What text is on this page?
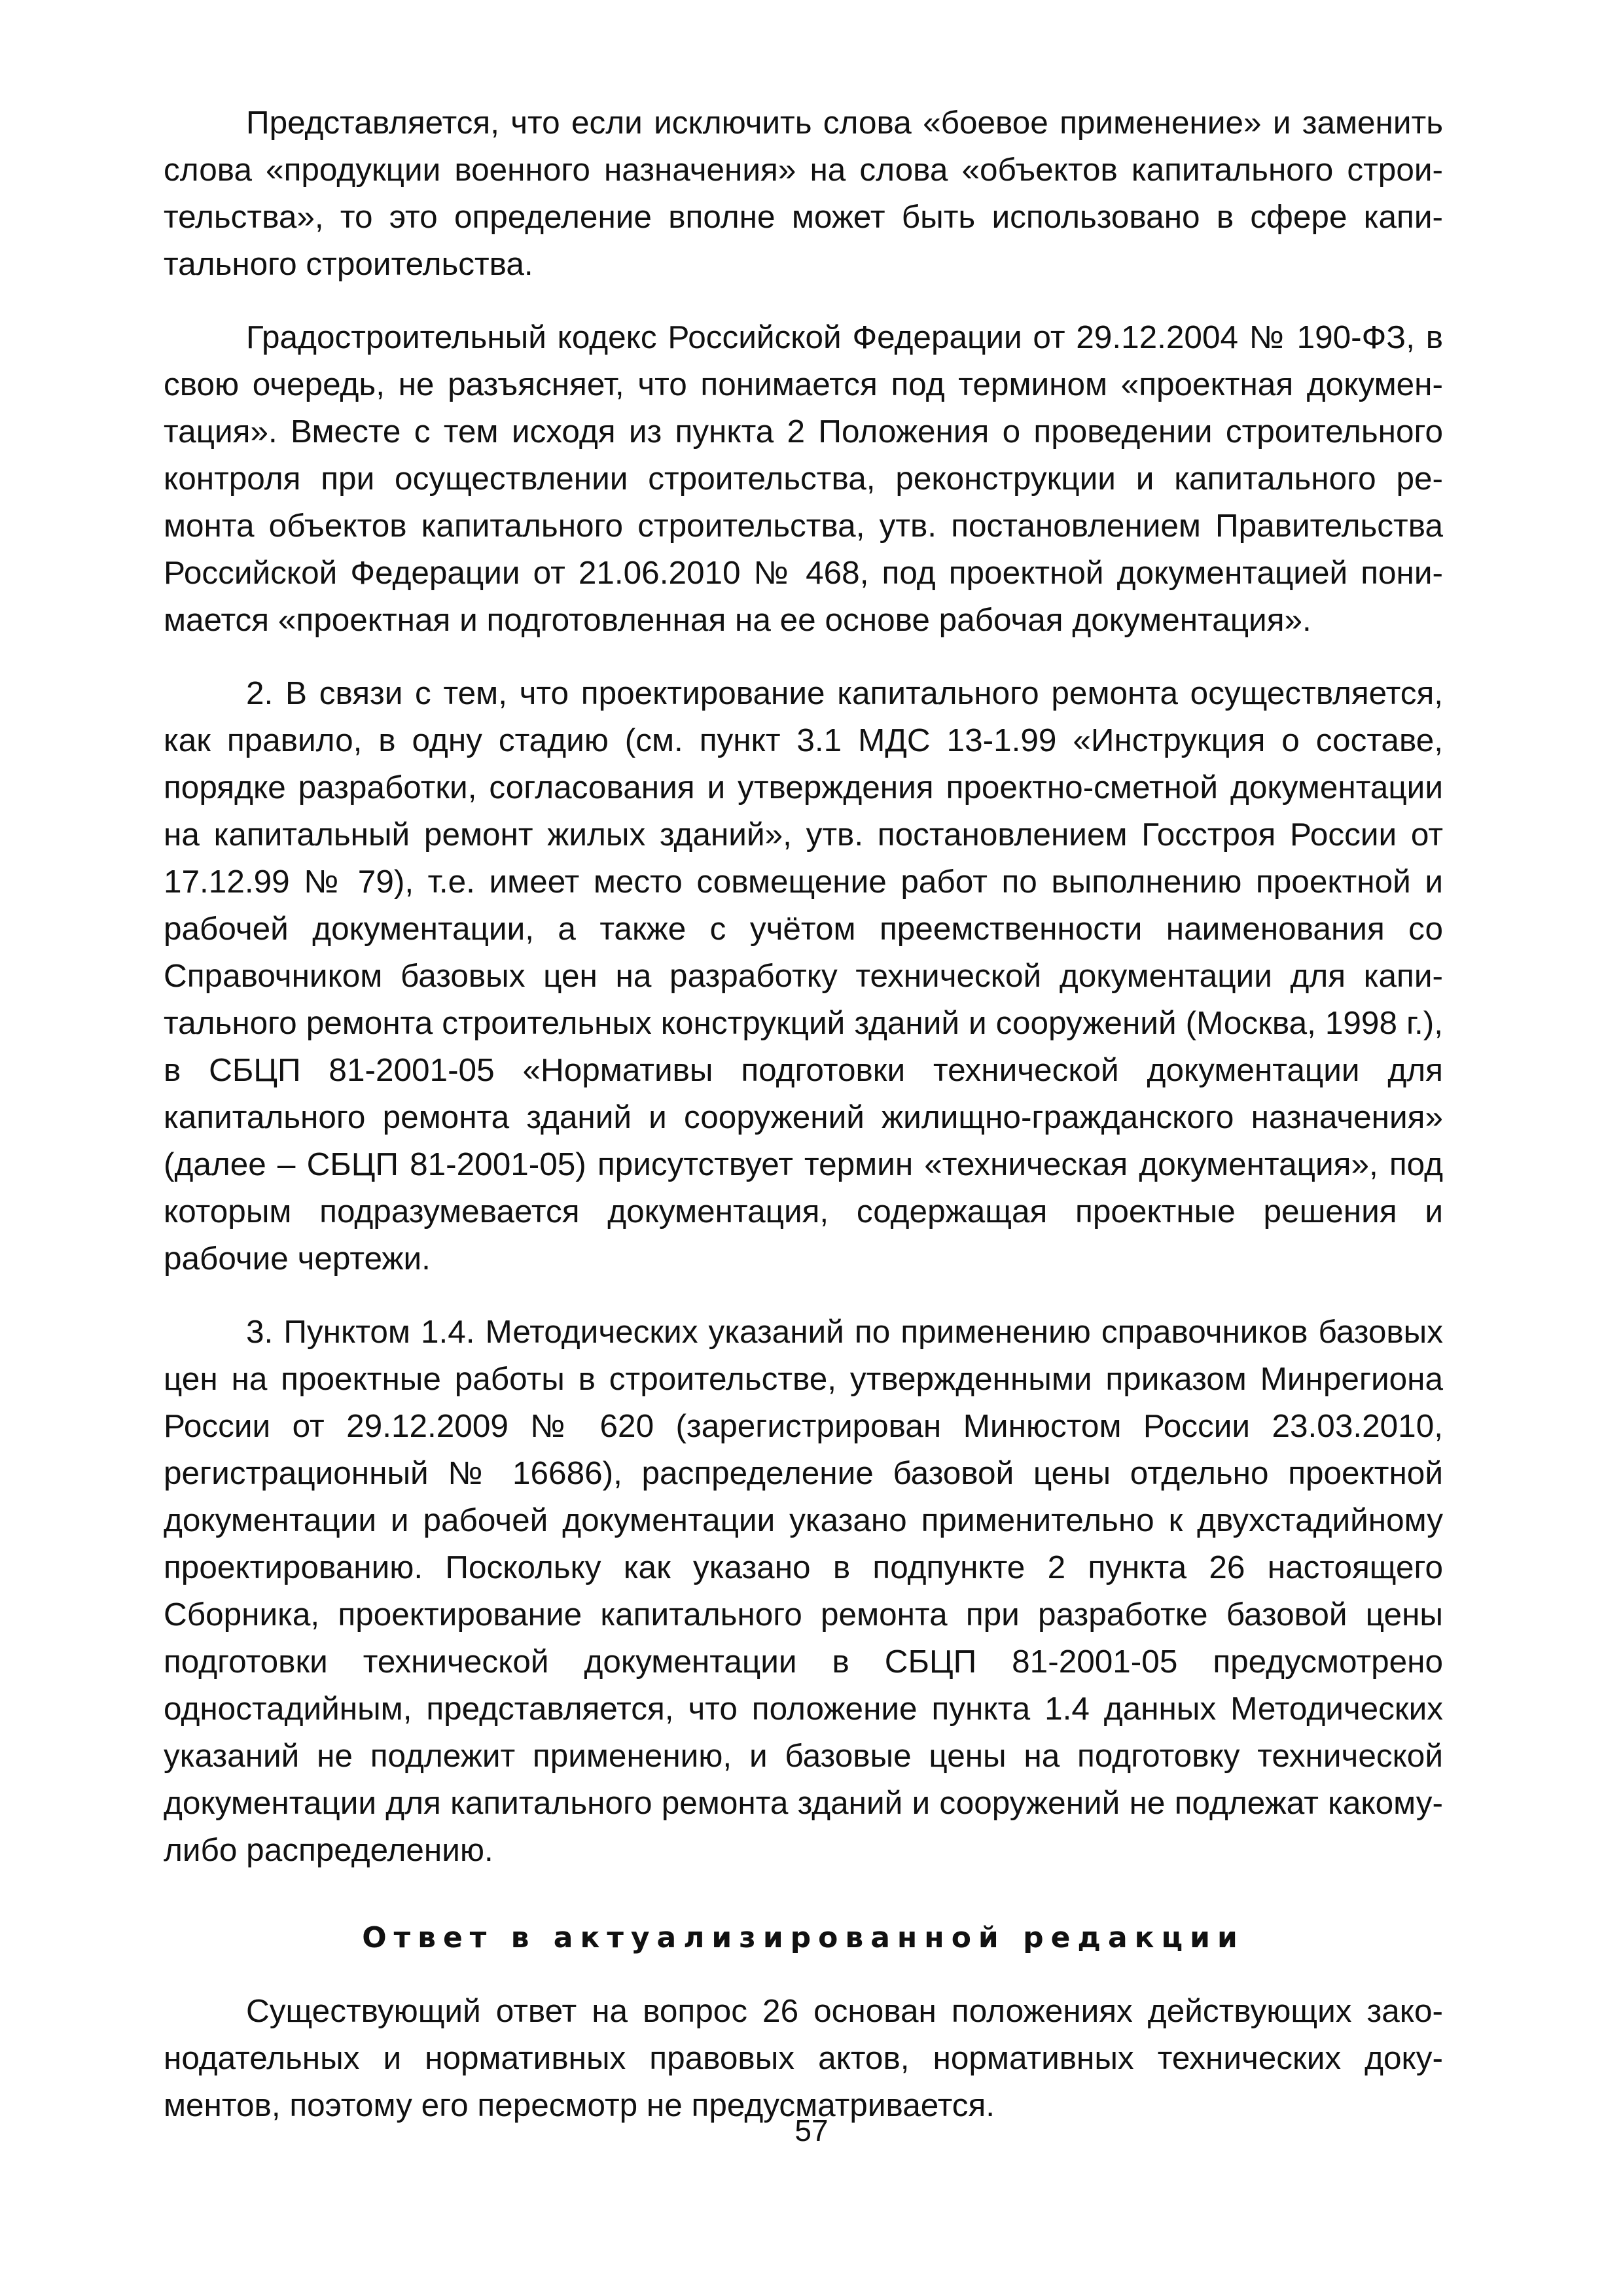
Представляется, что если исключить слова «боевое применение» и заменить слова «продукции военного назначения» на слова «объектов капитального строительства», то это определение вполне может быть использовано в сфере капитального строительства.

Градостроительный кодекс Российской Федерации от 29.12.2004 № 190-ФЗ, в свою очередь, не разъясняет, что понимается под термином «проектная документация». Вместе с тем исходя из пункта 2 Положения о проведении строительного контроля при осуществлении строительства, реконструкции и капитального ремонта объектов капитального строительства, утв. постановлением Правительства Российской Федерации от 21.06.2010 № 468, под проектной документацией понимается «проектная и подготовленная на ее основе рабочая документация».

2. В связи с тем, что проектирование капитального ремонта осуществляется, как правило, в одну стадию (см. пункт 3.1 МДС 13-1.99 «Инструкция о составе, порядке разработки, согласования и утверждения проектно-сметной документации на капитальный ремонт жилых зданий», утв. постановлением Госстроя России от 17.12.99 № 79), т.е. имеет место совмещение работ по выполнению проектной и рабочей документации, а также с учётом преемственности наименования со Справочником базовых цен на разработку технической документации для капитального ремонта строительных конструкций зданий и сооружений (Москва, 1998 г.), в СБЦП 81-2001-05 «Нормативы подготовки технической документации для капитального ремонта зданий и сооружений жилищно-гражданского назначения» (далее – СБЦП 81-2001-05) присутствует термин «техническая документация», под которым подразумевается документация, содержащая проектные решения и рабочие чертежи.

3. Пунктом 1.4. Методических указаний по применению справочников базовых цен на проектные работы в строительстве, утвержденными приказом Минрегиона России от 29.12.2009 № 620 (зарегистрирован Минюстом России 23.03.2010, регистрационный № 16686), распределение базовой цены отдельно проектной документации и рабочей документации указано применительно к двухстадийному проектированию. Поскольку как указано в подпункте 2 пункта 26 настоящего Сборника, проектирование капитального ремонта при разработке базовой цены подготовки технической документации в СБЦП 81-2001-05 предусмотрено одностадийным, представляется, что положение пункта 1.4 данных Методических указаний не подлежит применению, и базовые цены на подготовку технической документации для капитального ремонта зданий и сооружений не подлежат какому-либо распределению.

Ответ в актуализированной редакции

Существующий ответ на вопрос 26 основан положениях действующих законодательных и нормативных правовых актов, нормативных технических документов, поэтому его пересмотр не предусматривается.

57
